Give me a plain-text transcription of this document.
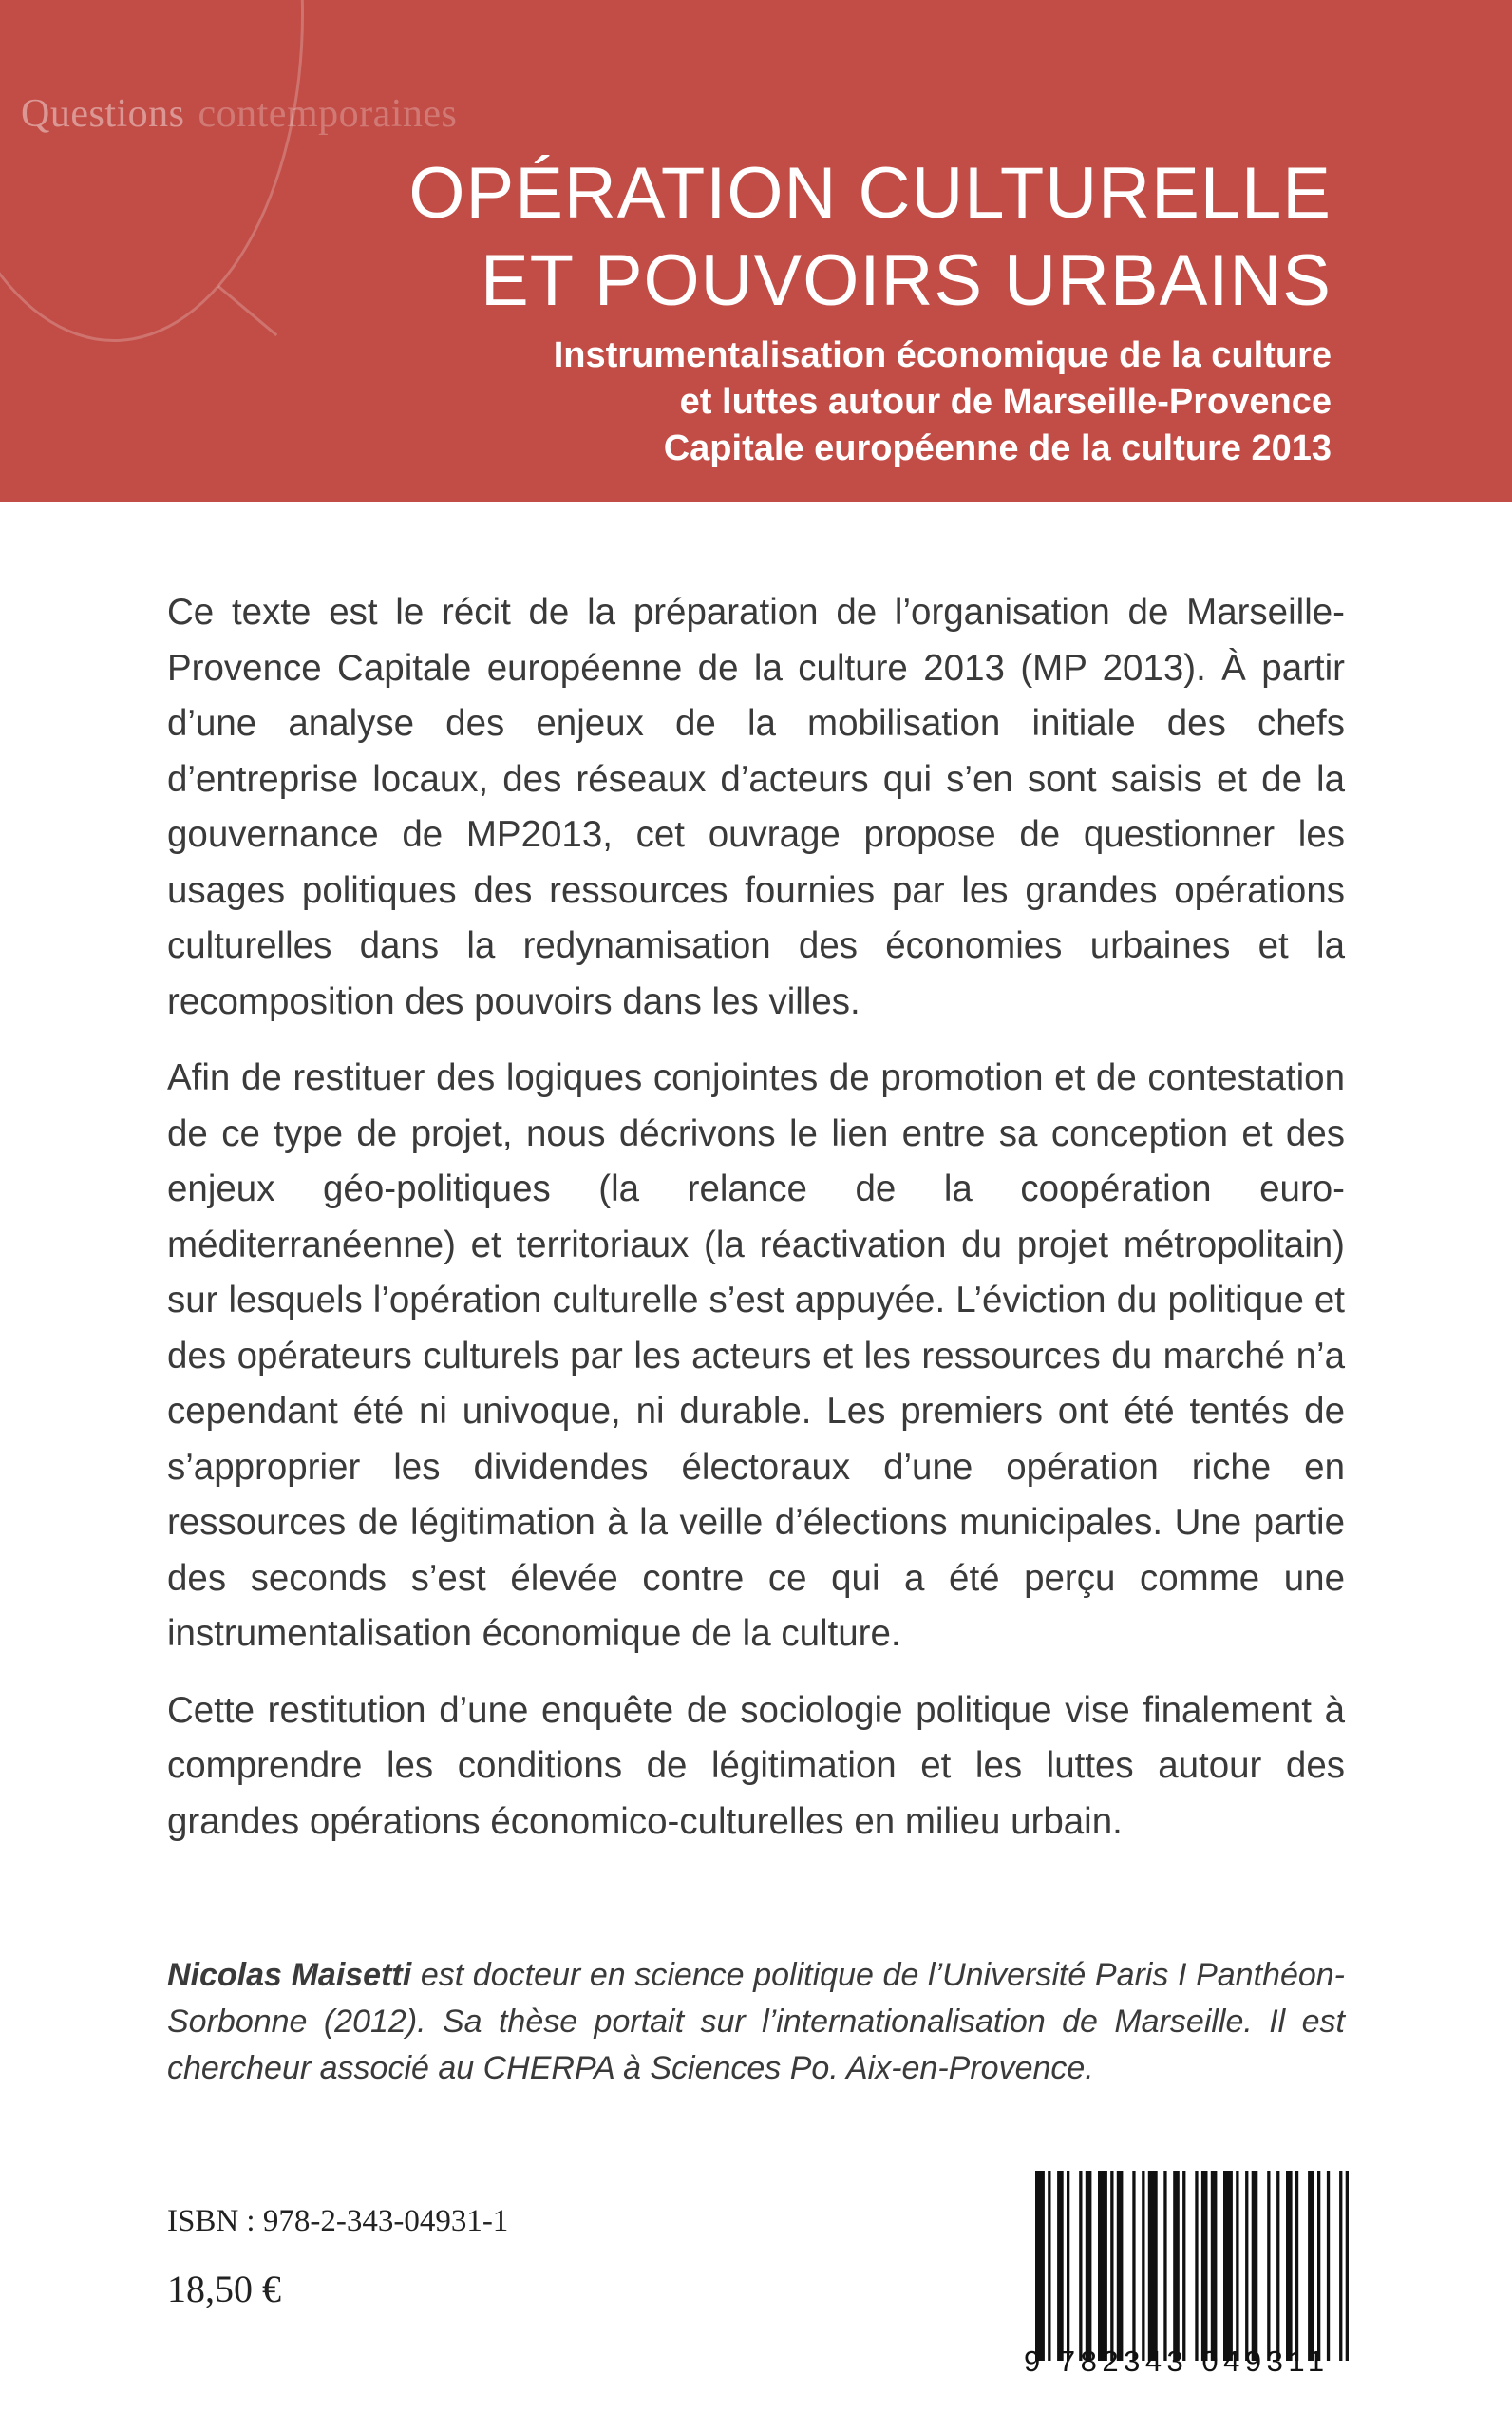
Questions contemporaines
OPÉRATION CULTURELLE
ET POUVOIRS URBAINS
Instrumentalisation économique de la culture
et luttes autour de Marseille-Provence
Capitale européenne de la culture 2013

Ce texte est le récit de la préparation de l’organisation de Marseille-Provence Capitale européenne de la culture 2013 (MP 2013). À partir d’une analyse des enjeux de la mobilisation initiale des chefs d’entreprise locaux, des réseaux d’acteurs qui s’en sont saisis et de la gouvernance de MP2013, cet ouvrage propose de questionner les usages politiques des ressources fournies par les grandes opérations culturelles dans la redynamisation des économies urbaines et la recomposition des pouvoirs dans les villes.

Afin de restituer des logiques conjointes de promotion et de contestation de ce type de projet, nous décrivons le lien entre sa conception et des enjeux géo-politiques (la relance de la coopération euro-méditerranéenne) et territoriaux (la réactivation du projet métropolitain) sur lesquels l’opération culturelle s’est appuyée. L’éviction du politique et des opérateurs culturels par les acteurs et les ressources du marché n’a cependant été ni univoque, ni durable. Les premiers ont été tentés de s’approprier les dividendes électoraux d’une opération riche en ressources de légitimation à la veille d’élections municipales. Une partie des seconds s’est élevée contre ce qui a été perçu comme une instrumentalisation économique de la culture.

Cette restitution d’une enquête de sociologie politique vise finalement à comprendre les conditions de légitimation et les luttes autour des grandes opérations économico-culturelles en milieu urbain.

Nicolas Maisetti est docteur en science politique de l’Université Paris I Panthéon-Sorbonne (2012). Sa thèse portait sur l’internationalisation de Marseille. Il est chercheur associé au CHERPA à Sciences Po. Aix-en-Provence.
ISBN : 978-2-343-04931-1
18,50 €
9 782343 049311
